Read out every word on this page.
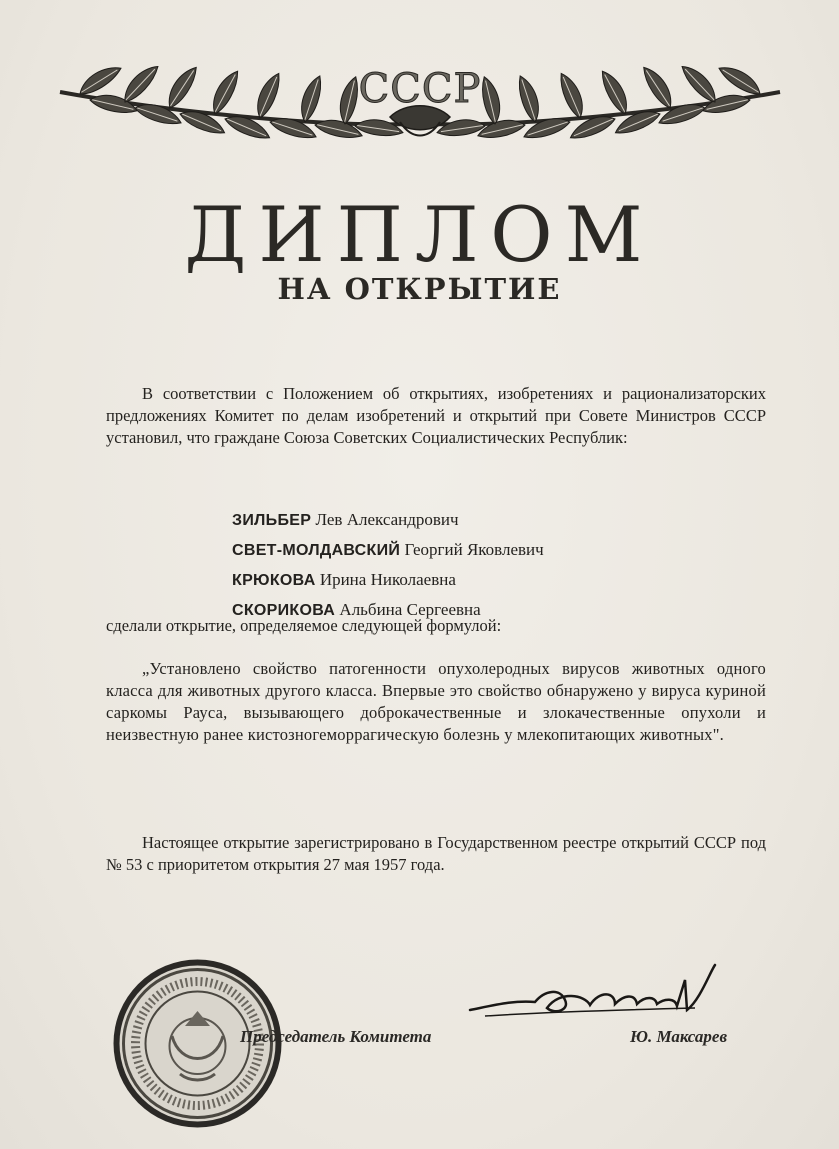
СССР
ДИПЛОМ
НА ОТКРЫТИЕ

В соответствии с Положением об открытиях, изобретениях и рационализаторских предложениях Комитет по делам изобретений и открытий при Совете Министров СССР установил, что граждане Союза Советских Социалистических Республик:

ЗИЛЬБЕР Лев Александрович
СВЕТ-МОЛДАВСКИЙ Георгий Яковлевич
КРЮКОВА Ирина Николаевна
СКОРИКОВА Альбина Сергеевна

сделали открытие, определяемое следующей формулой:

„Установлено свойство патогенности опухолеродных вирусов животных одного класса для животных другого класса. Впервые это свойство обнаружено у вируса куриной саркомы Рауса, вызывающего доброкачественные и злокачественные опухоли и неизвестную ранее кистозногеморрагическую болезнь у млекопитающих животных".

Настоящее открытие зарегистрировано в Государственном реестре открытий СССР под № 53 с приоритетом открытия 27 мая 1957 года.

Председатель Комитета	Ю. Максарев
